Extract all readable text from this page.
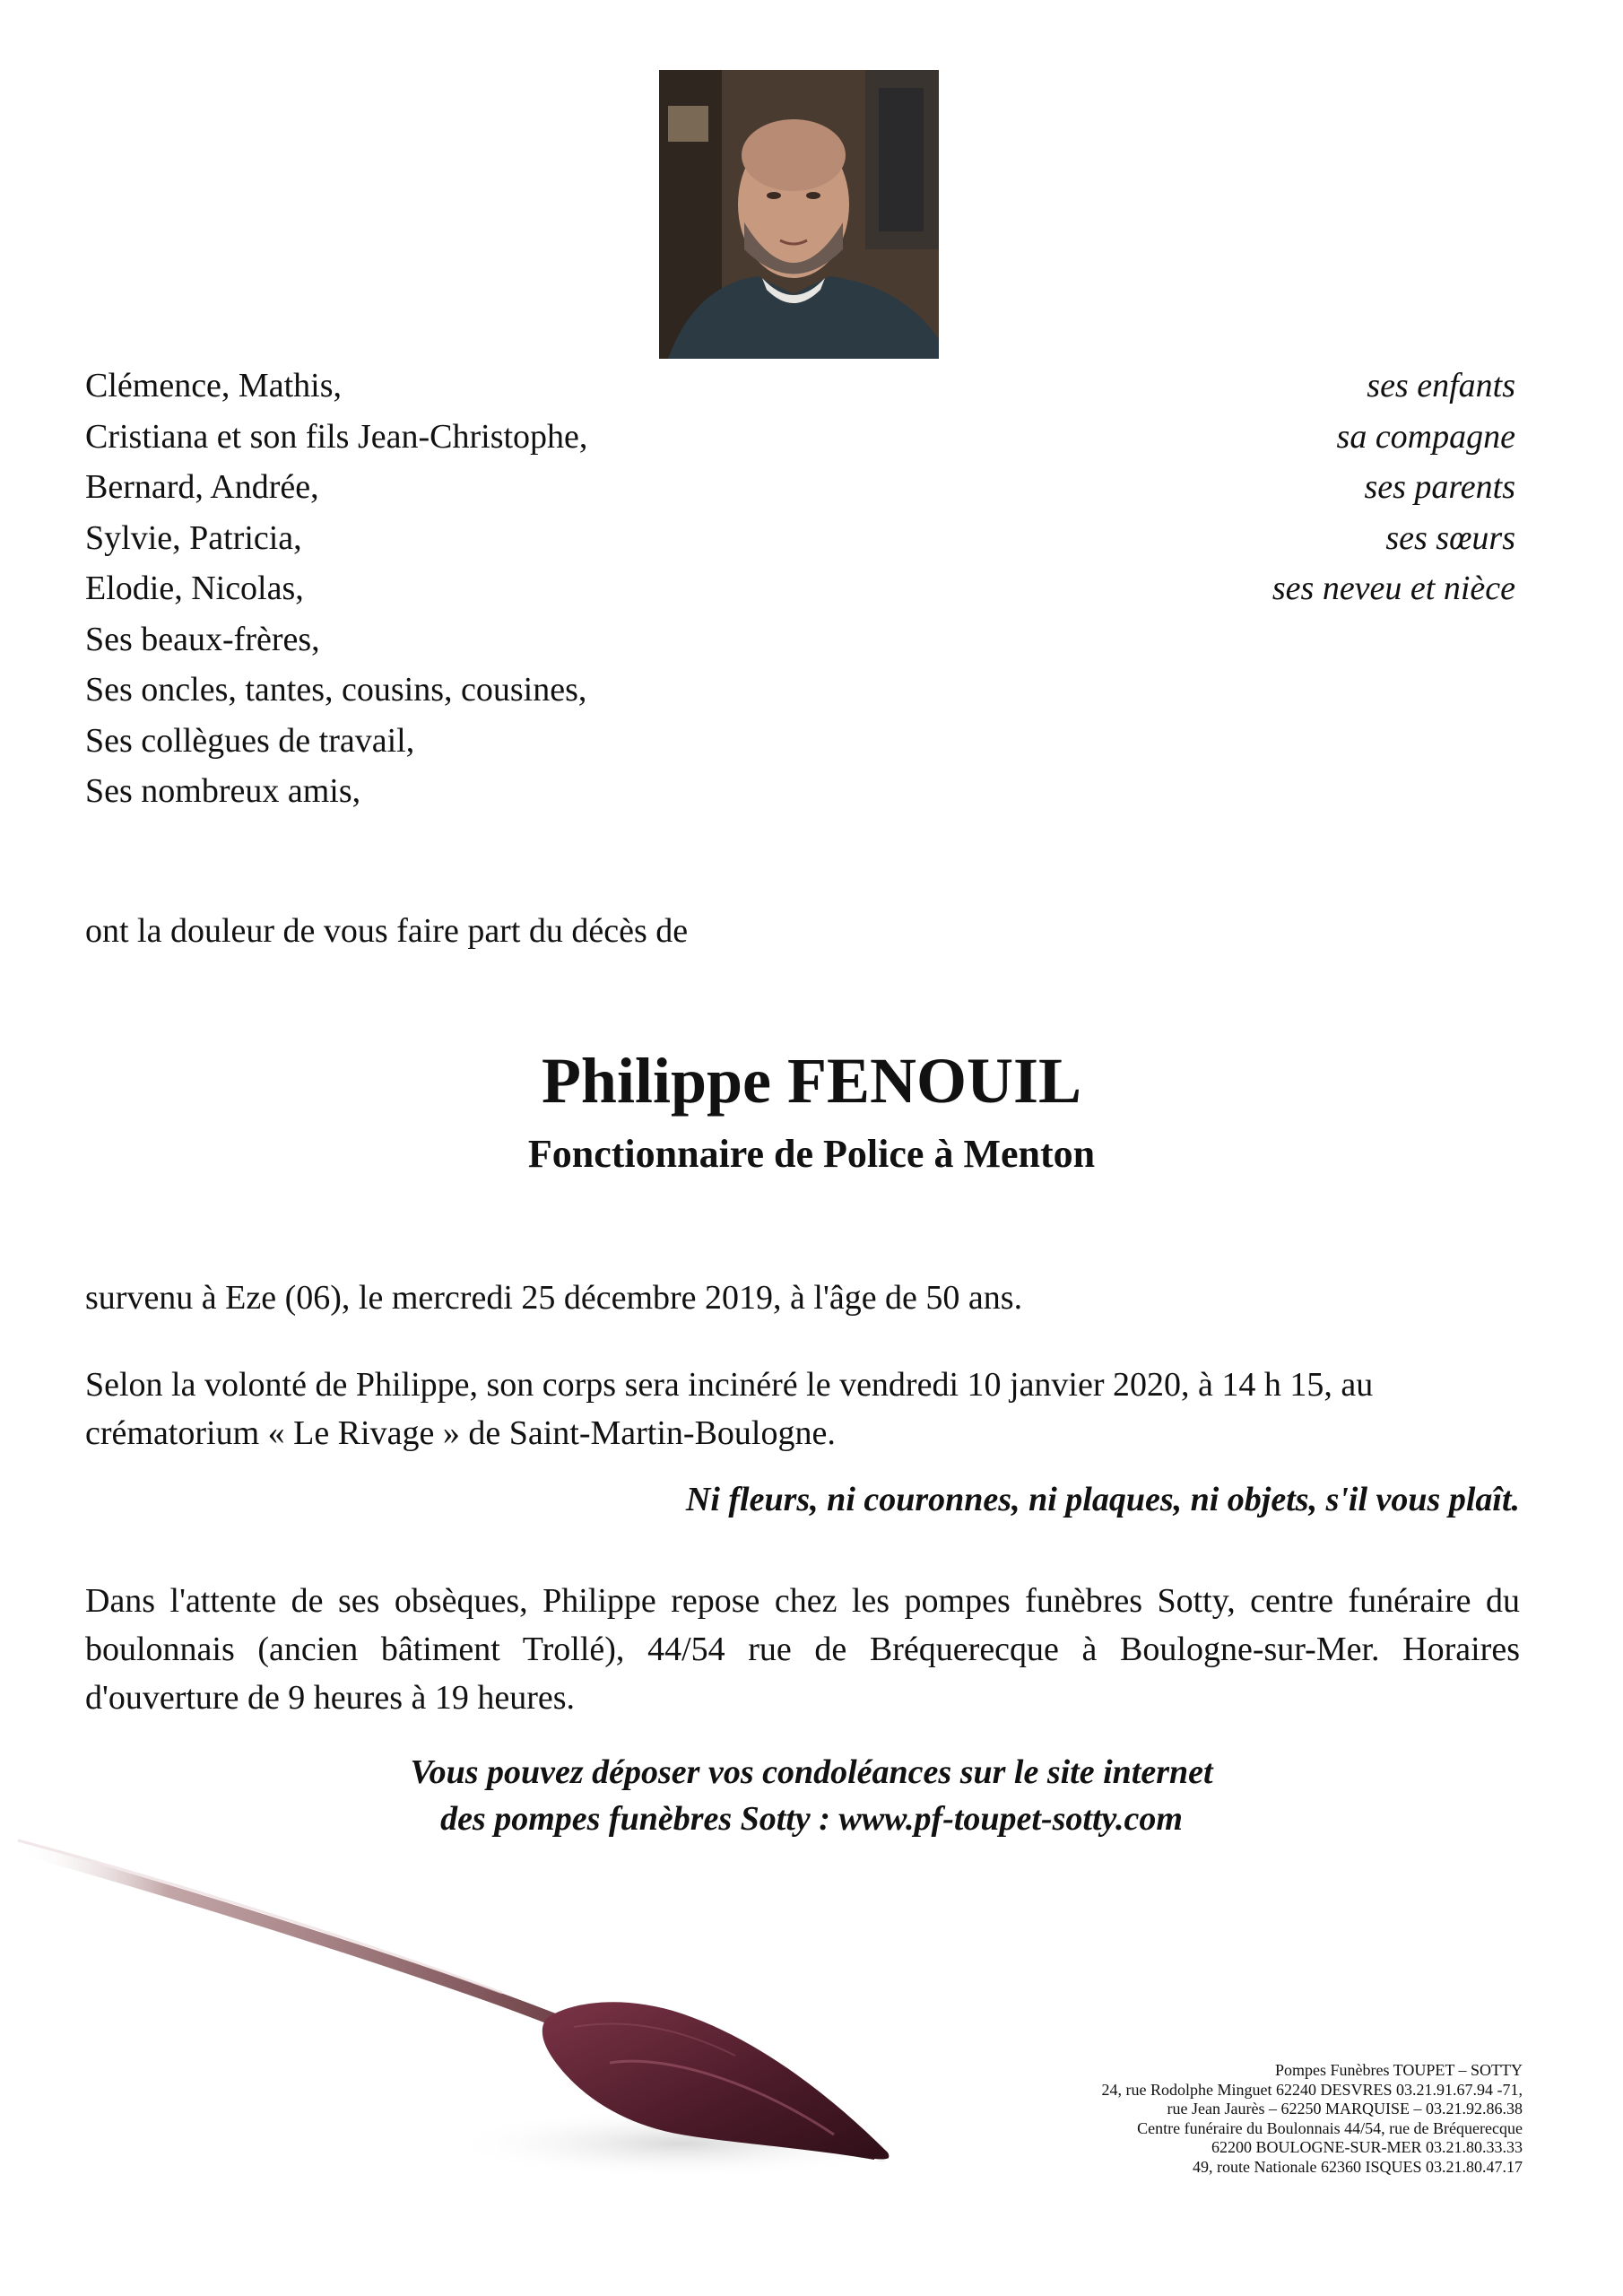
Clémence, Mathis,
Cristiana et son fils Jean-Christophe,
Bernard, Andrée,
Sylvie, Patricia,
Elodie, Nicolas,
Ses beaux-frères,
Ses oncles, tantes, cousins, cousines,
Ses collègues de travail,
Ses nombreux amis,
ses enfants
sa compagne
ses parents
ses sœurs
ses neveu et nièce
ont la douleur de vous faire part du décès de
Philippe FENOUIL
Fonctionnaire de Police à Menton
survenu à Eze (06), le mercredi 25 décembre 2019, à l'âge de 50 ans.
Selon la volonté de Philippe, son corps sera incinéré le vendredi 10 janvier 2020, à 14 h 15, au crématorium « Le Rivage » de Saint-Martin-Boulogne.
Ni fleurs, ni couronnes, ni plaques, ni objets, s'il vous plaît.
Dans l'attente de ses obsèques, Philippe repose chez les pompes funèbres Sotty, centre funéraire du boulonnais (ancien bâtiment Trollé), 44/54 rue de Bréquerecque à Boulogne-sur-Mer. Horaires d'ouverture de 9 heures à 19 heures.
Vous pouvez déposer vos condoléances sur le site internet
des pompes funèbres Sotty : www.pf-toupet-sotty.com
Pompes Funèbres TOUPET – SOTTY
24, rue Rodolphe Minguet 62240 DESVRES 03.21.91.67.94 -71,
rue Jean Jaurès – 62250 MARQUISE – 03.21.92.86.38
Centre funéraire du Boulonnais 44/54, rue de Bréquerecque
62200 BOULOGNE-SUR-MER 03.21.80.33.33
49, route Nationale 62360 ISQUES 03.21.80.47.17
